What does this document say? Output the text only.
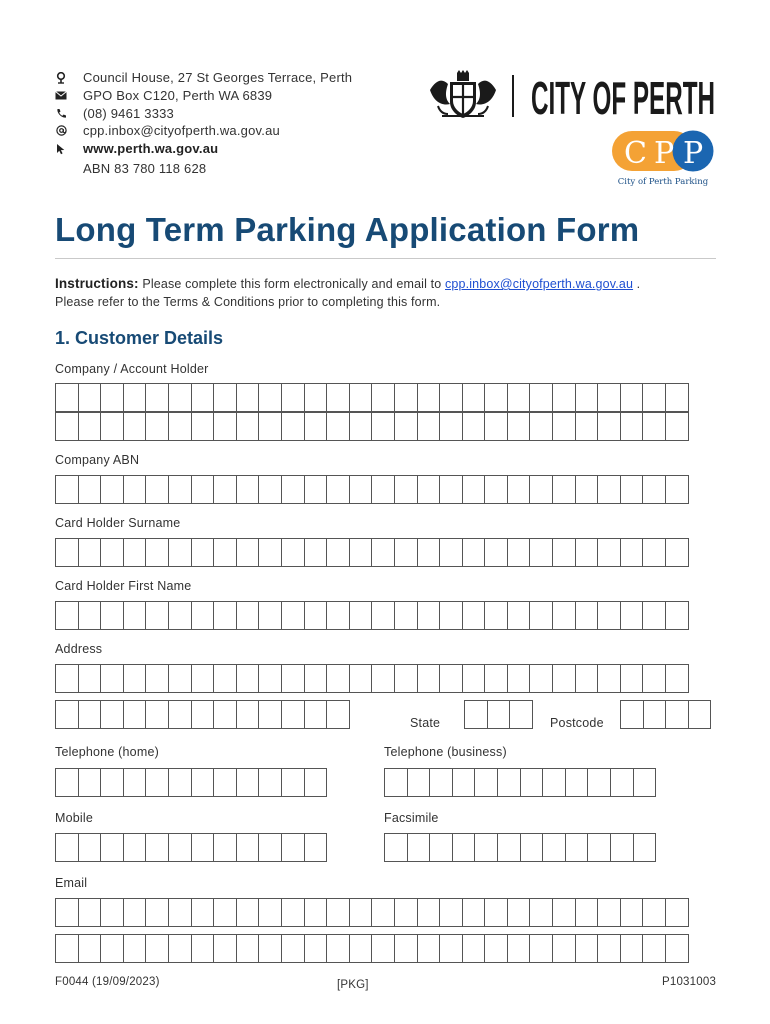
Council House, 27 St Georges Terrace, Perth
GPO Box C120, Perth WA 6839
(08) 9461 3333
cpp.inbox@cityofperth.wa.gov.au
www.perth.wa.gov.au
ABN 83 780 118 628
CITY OF PERTH
C P P
City of Perth Parking
Long Term Parking Application Form
Instructions: Please complete this form electronically and email to cpp.inbox@cityofperth.wa.gov.au .
Please refer to the Terms & Conditions prior to completing this form.
1. Customer Details
Company / Account Holder
Company ABN
Card Holder Surname
Card Holder First Name
Address
State	Postcode
Telephone (home)	Telephone (business)
Mobile	Facsimile
Email
F0044 (19/09/2023)	[PKG]	P1031003
